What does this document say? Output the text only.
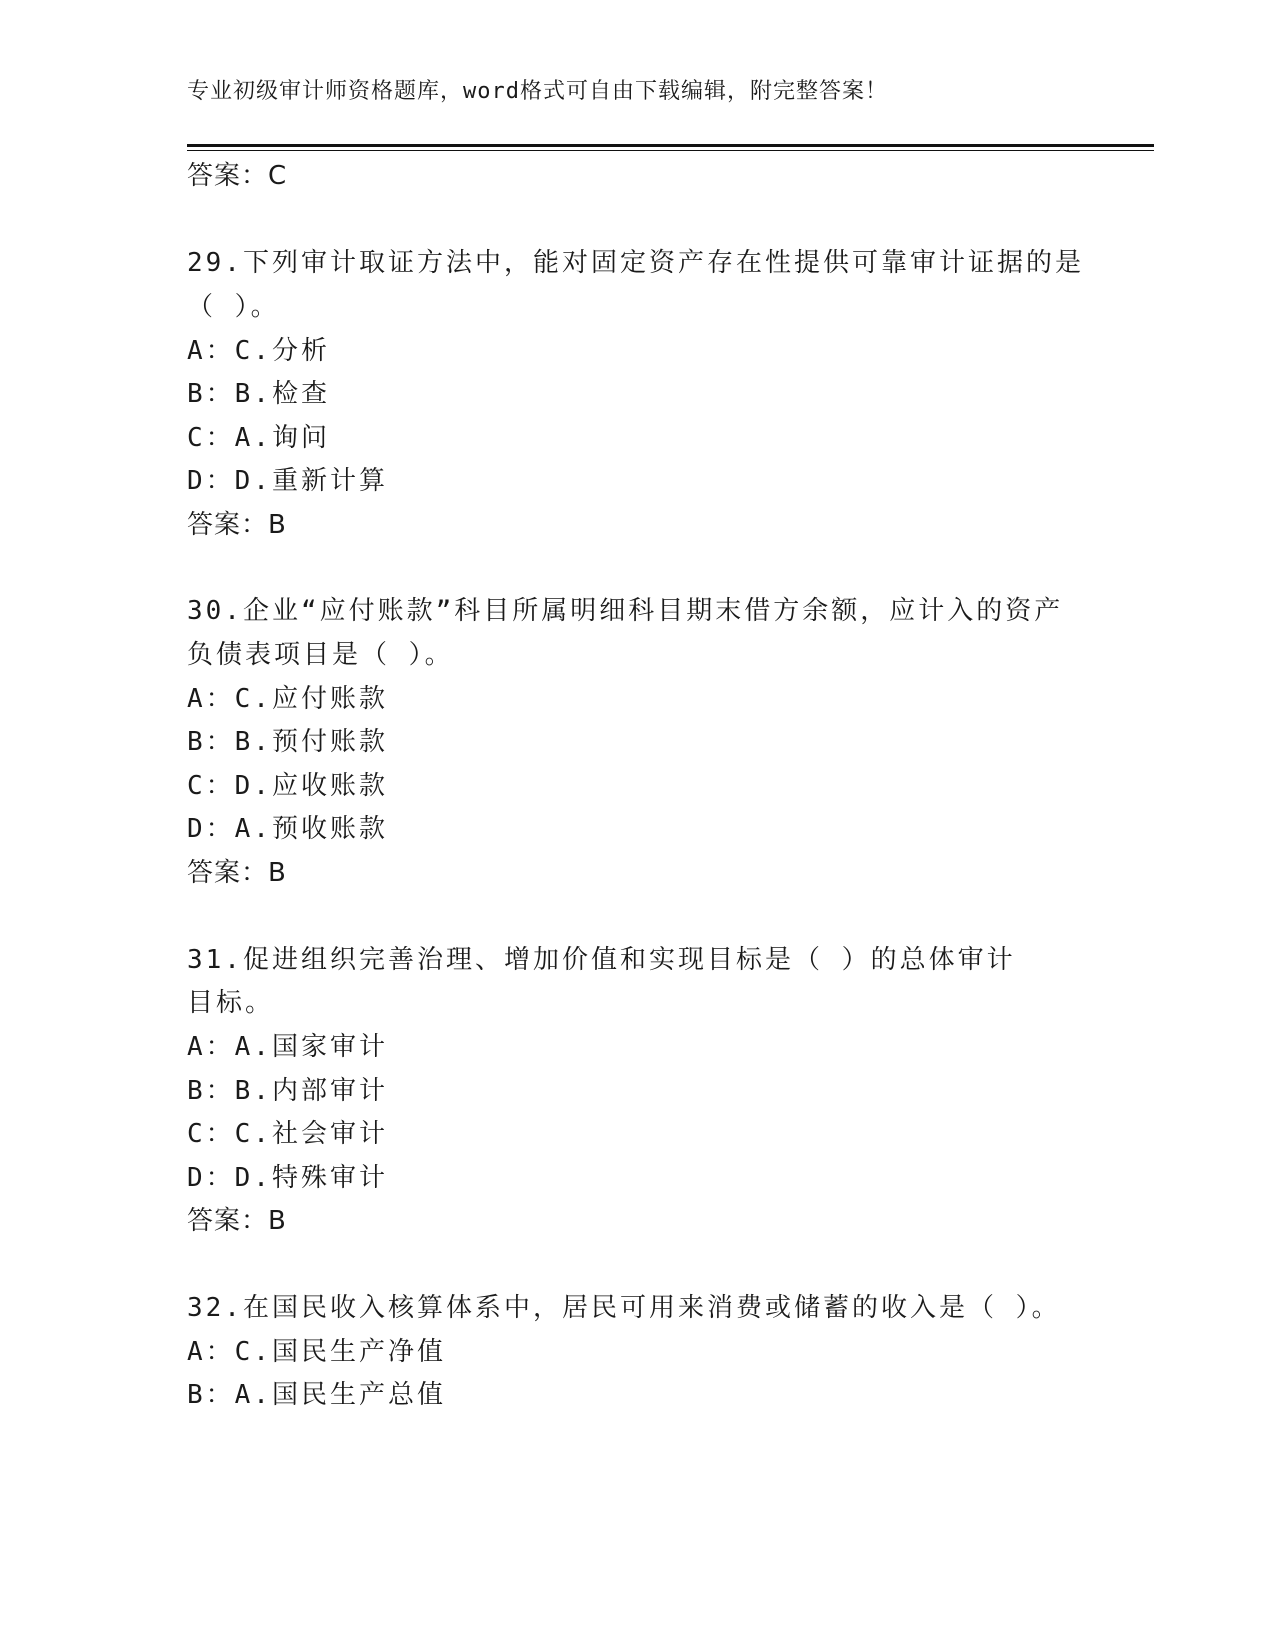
专业初级审计师资格题库，word格式可自由下载编辑，附完整答案！
答案：C
29.下列审计取证方法中，能对固定资产存在性提供可靠审计证据的是
（ ）。
A：C.分析
B：B.检查
C：A.询问
D：D.重新计算
答案：B
30.企业“应付账款”科目所属明细科目期末借方余额，应计入的资产
负债表项目是（ ）。
A：C.应付账款
B：B.预付账款
C：D.应收账款
D：A.预收账款
答案：B
31.促进组织完善治理、增加价值和实现目标是（ ）的总体审计
目标。
A：A.国家审计
B：B.内部审计
C：C.社会审计
D：D.特殊审计
答案：B
32.在国民收入核算体系中，居民可用来消费或储蓄的收入是（ ）。
A：C.国民生产净值
B：A.国民生产总值
